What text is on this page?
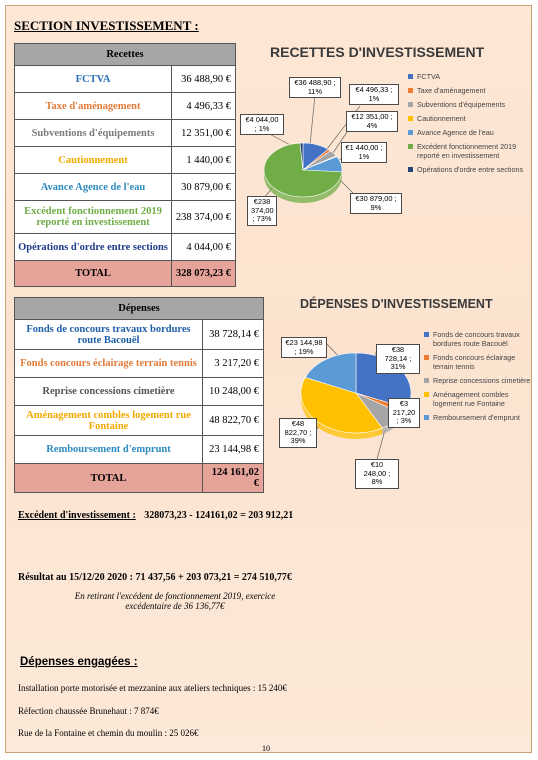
SECTION INVESTISSEMENT :
Recettes	
FCTVA	36 488,90 €
Taxe d'aménagement	4 496,33 €
Subventions d'équipements	12 351,00 €
Cautionnement	1 440,00 €
Avance Agence de l'eau	30 879,00 €
Excédent fonctionnement 2019 reporté en investissement	238 374,00 €
Opérations d'ordre entre sections	4 044,00 €
TOTAL	328 073,23 €
Dépenses	
Fonds de concours travaux bordures route Bacouël	38 728,14 €
Fonds concours éclairage terrain tennis	3 217,20 €
Reprise concessions cimetière	10 248,00 €
Aménagement combles logement rue Fontaine	48 822,70 €
Remboursement d'emprunt	23 144,98 €
TOTAL	124 161,02 €
RECETTES D'INVESTISSEMENT
FCTVA
Taxe d'aménagement
Subventions d'équipements
Cautionnement
Avance Agence de l'eau
Excédent fonctionnement 2019 reporté en investissement
Opérations d'ordre entre sections
€36 488,90 ; 11%	€4 496,33 ; 1%
€12 351,00 ; 4%
€1 440,00 ; 1%
€30 879,00 ; 9%
€238 374,00 ; 73%
€4 044,00 ; 1%
DÉPENSES D'INVESTISSEMENT
Fonds de concours travaux bordures route Bacouël
Fonds concours éclairage terrain tennis
Reprise concessions cimetière
Aménagement combles logement rue Fontaine
Remboursement d'emprunt
€38 728,14 ; 31%
€3 217,20 ; 3%
€10 248,00 ; 8%
€48 822,70 ; 39%
€23 144,98 ; 19%
Excédent d'investissement : 328073,23 - 124161,02 = 203 912,21
Résultat au 15/12/20 2020 : 71 437,56 + 203 073,21 = 274 510,77€
En retirant l'excédent de fonctionnement 2019, exercice
excédentaire de 36 136,77€
Dépenses engagées :
Installation porte motorisée et mezzanine aux ateliers techniques : 15 240€
Réfection chaussée Brunehaut : 7 874€
Rue de la Fontaine et chemin du moulin : 25 026€
10
